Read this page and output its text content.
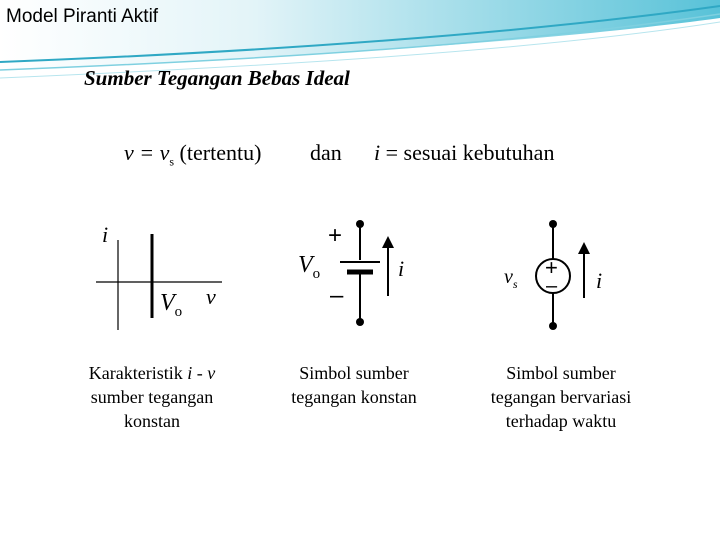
Model Piranti Aktif
Sumber Tegangan Bebas Ideal
$v = v_s$ (tertentu) dan i = sesuai kebutuhan
i
v
$V_o$
+
–
$V_o$	i	+
–
$v_s$	i
Karakteristik i - v
sumber tegangan
konstan
Simbol sumber
tegangan konstan
Simbol sumber
tegangan bervariasi
terhadap waktu
